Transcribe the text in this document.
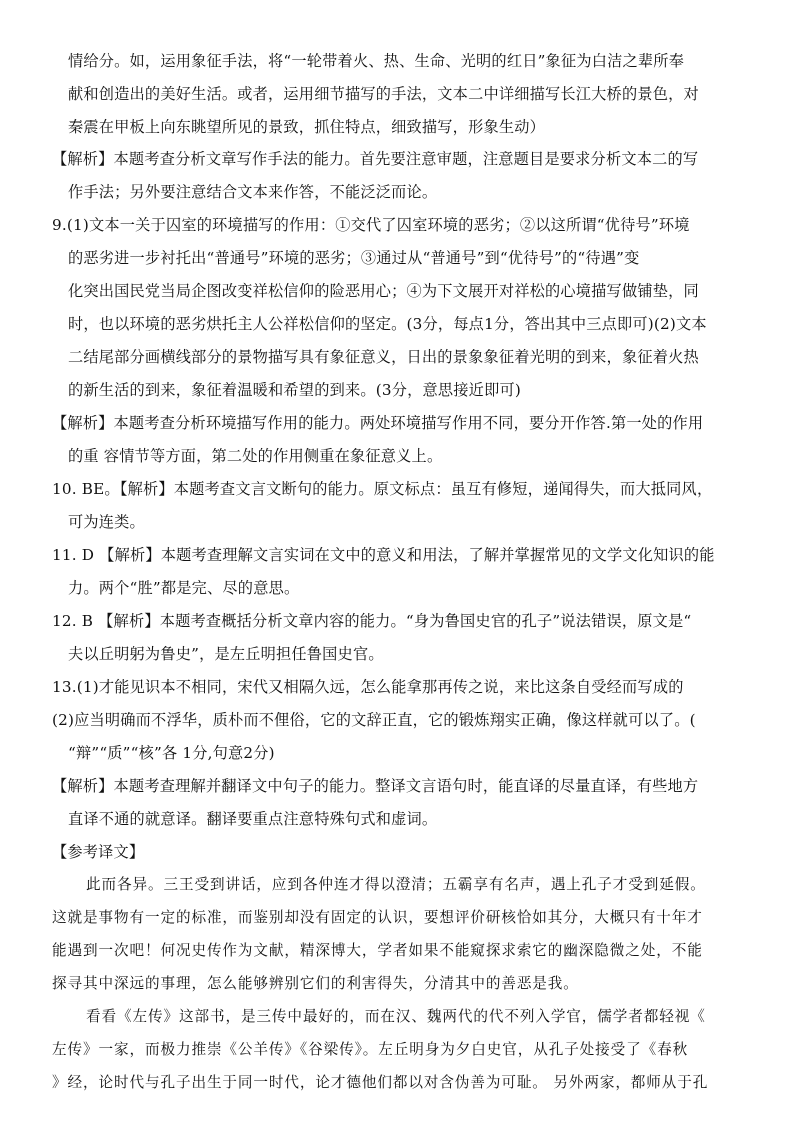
情给分。如，运用象征手法，将“一轮带着火、热、生命、光明的红日”象征为白洁之辈所奉
献和创造出的美好生活。或者，运用细节描写的手法，文本二中详细描写长江大桥的景色，对
秦震在甲板上向东眺望所见的景致，抓住特点，细致描写，形象生动）
【解析】本题考查分析文章写作手法的能力。首先要注意审题，注意题目是要求分析文本二的写
作手法；另外要注意结合文本来作答，不能泛泛而论。
9.(1)文本一关于囚室的环境描写的作用：①交代了囚室环境的恶劣；②以这所谓“优待号”环境
的恶劣进一步衬托出“普通号”环境的恶劣；③通过从“普通号”到“优待号”的“待遇”变
化突出国民党当局企图改变祥松信仰的险恶用心；④为下文展开对祥松的心境描写做铺垫，同
时，也以环境的恶劣烘托主人公祥松信仰的坚定。(3分，每点1分，答出其中三点即可)(2)文本
二结尾部分画横线部分的景物描写具有象征意义，日出的景象象征着光明的到来，象征着火热
的新生活的到来，象征着温暖和希望的到来。(3分，意思接近即可)
【解析】本题考查分析环境描写作用的能力。两处环境描写作用不同，要分开作答.第一处的作用
的重 容情节等方面，第二处的作用侧重在象征意义上。
10. BE。【解析】本题考查文言文断句的能力。原文标点：虽互有修短，递闻得失，而大抵同风，
可为连类。
11. D 【解析】本题考查理解文言实词在文中的意义和用法，了解并掌握常见的文学文化知识的能
力。两个“胜”都是完、尽的意思。
12. B 【解析】本题考查概括分析文章内容的能力。“身为鲁国史官的孔子”说法错误，原文是“
夫以丘明躬为鲁史”，是左丘明担任鲁国史官。
13.(1)才能见识本不相同，宋代又相隔久远，怎么能拿那再传之说，来比这条自受经而写成的
(2)应当明确而不浮华，质朴而不俚俗，它的文辞正直，它的锻炼翔实正确，像这样就可以了。(
“辩”“质”“核”各 1分,句意2分)
【解析】本题考查理解并翻译文中句子的能力。整译文言语句时，能直译的尽量直译，有些地方
直译不通的就意译。翻译要重点注意特殊句式和虚词。
【参考译文】
此而各异。三王受到讲话，应到各仲连才得以澄清；五霸享有名声，遇上孔子才受到延假。
这就是事物有一定的标准，而鉴别却没有固定的认识，要想评价研核恰如其分，大概只有十年才
能遇到一次吧！何况史传作为文献，精深博大，学者如果不能窥探求索它的幽深隐微之处，不能
探寻其中深远的事理，怎么能够辨别它们的利害得失，分清其中的善恶是我。
看看《左传》这部书，是三传中最好的，而在汉、魏两代的代不列入学官，儒学者都轻视《
左传》一家，而极力推崇《公羊传》《谷梁传》。左丘明身为夕白史官，从孔子处接受了《春秋
》经，论时代与孔子出生于同一时代，论才德他们都以对含伪善为可耻。 另外两家，都师从于孔
